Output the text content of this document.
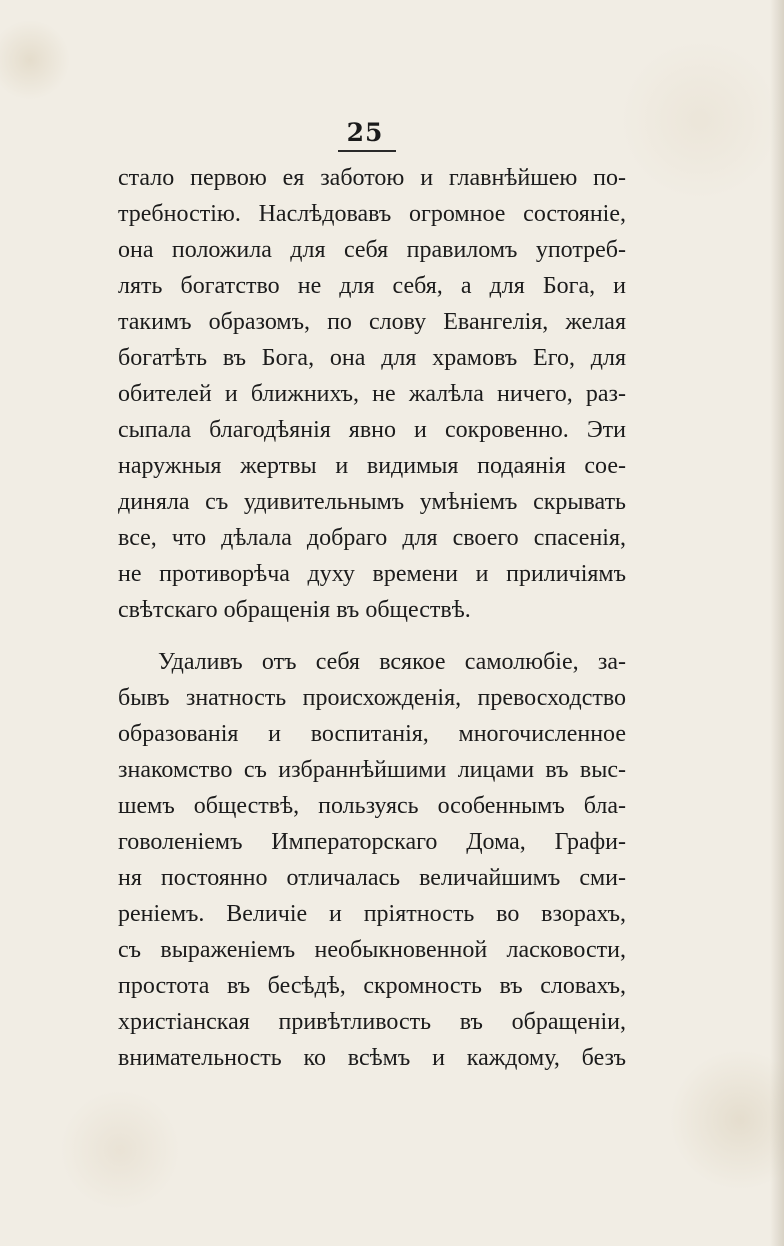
25
стало первою ея заботою и главнѣйшею по-
требностію. Наслѣдовавъ огромное состояніе,
она положила для себя правиломъ употреб-
лять богатство не для себя, а для Бога, и
такимъ образомъ, по слову Евангелія, желая
богатѣть въ Бога, она для храмовъ Его, для
обителей и ближнихъ, не жалѣла ничего, раз-
сыпала благодѣянія явно и сокровенно. Эти
наружныя жертвы и видимыя подаянія сое-
диняла съ удивительнымъ умѣніемъ скрывать
все, что дѣлала добраго для своего спасенія,
не противорѣча духу времени и приличіямъ
свѣтскаго обращенія въ обществѣ.
Удаливъ отъ себя всякое самолюбіе, за-
бывъ знатность происхожденія, превосходство
образованія и воспитанія, многочисленное
знакомство съ избраннѣйшими лицами въ выс-
шемъ обществѣ, пользуясь особеннымъ бла-
говоленіемъ Императорскаго Дома, Графи-
ня постоянно отличалась величайшимъ сми-
реніемъ. Величіе и пріятность во взорахъ,
съ выраженіемъ необыкновенной ласковости,
простота въ бесѣдѣ, скромность въ словахъ,
христіанская привѣтливость въ обращеніи,
внимательность ко всѣмъ и каждому, безъ
